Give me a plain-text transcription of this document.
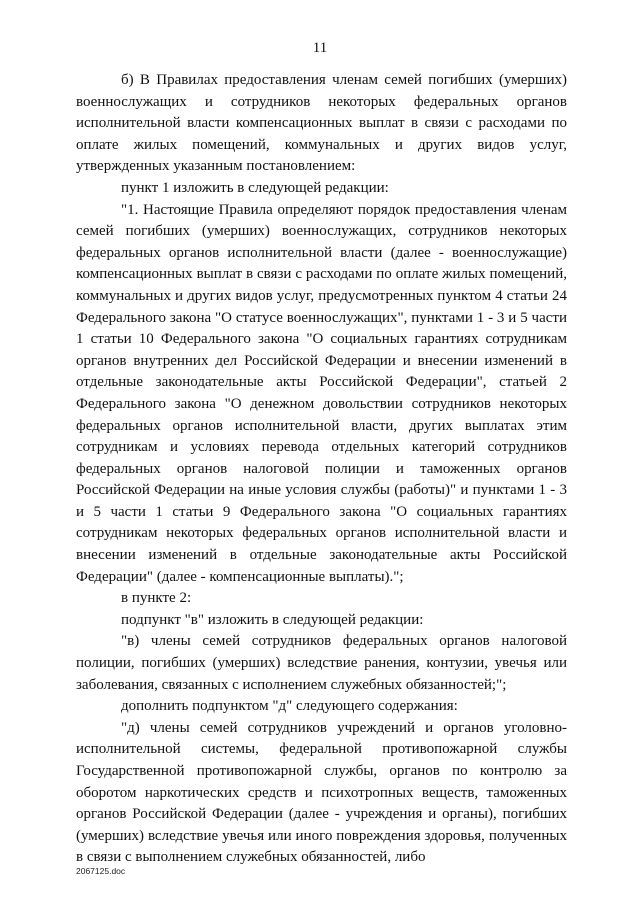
11

б) В Правилах предоставления членам семей погибших (умерших) военнослужащих и сотрудников некоторых федеральных органов исполнительной власти компенсационных выплат в связи с расходами по оплате жилых помещений, коммунальных и других видов услуг, утвержденных указанным постановлением:

пункт 1 изложить в следующей редакции:

"1. Настоящие Правила определяют порядок предоставления членам семей погибших (умерших) военнослужащих, сотрудников некоторых федеральных органов исполнительной власти (далее - военнослужащие) компенсационных выплат в связи с расходами по оплате жилых помещений, коммунальных и других видов услуг, предусмотренных пунктом 4 статьи 24 Федерального закона "О статусе военнослужащих", пунктами 1 - 3 и 5 части 1 статьи 10 Федерального закона "О социальных гарантиях сотрудникам органов внутренних дел Российской Федерации и внесении изменений в отдельные законодательные акты Российской Федерации", статьей 2 Федерального закона "О денежном довольствии сотрудников некоторых федеральных органов исполнительной власти, других выплатах этим сотрудникам и условиях перевода отдельных категорий сотрудников федеральных органов налоговой полиции и таможенных органов Российской Федерации на иные условия службы (работы)" и пунктами 1 - 3 и 5 части 1 статьи 9 Федерального закона "О социальных гарантиях сотрудникам некоторых федеральных органов исполнительной власти и внесении изменений в отдельные законодательные акты Российской Федерации" (далее - компенсационные выплаты).";

в пункте 2:

подпункт "в" изложить в следующей редакции:

"в) члены семей сотрудников федеральных органов налоговой полиции, погибших (умерших) вследствие ранения, контузии, увечья или заболевания, связанных с исполнением служебных обязанностей;";

дополнить подпунктом "д" следующего содержания:

"д) члены семей сотрудников учреждений и органов уголовно-исполнительной системы, федеральной противопожарной службы Государственной противопожарной службы, органов по контролю за оборотом наркотических средств и психотропных веществ, таможенных органов Российской Федерации (далее - учреждения и органы), погибших (умерших) вследствие увечья или иного повреждения здоровья, полученных в связи с выполнением служебных обязанностей, либо

2067125.doc
